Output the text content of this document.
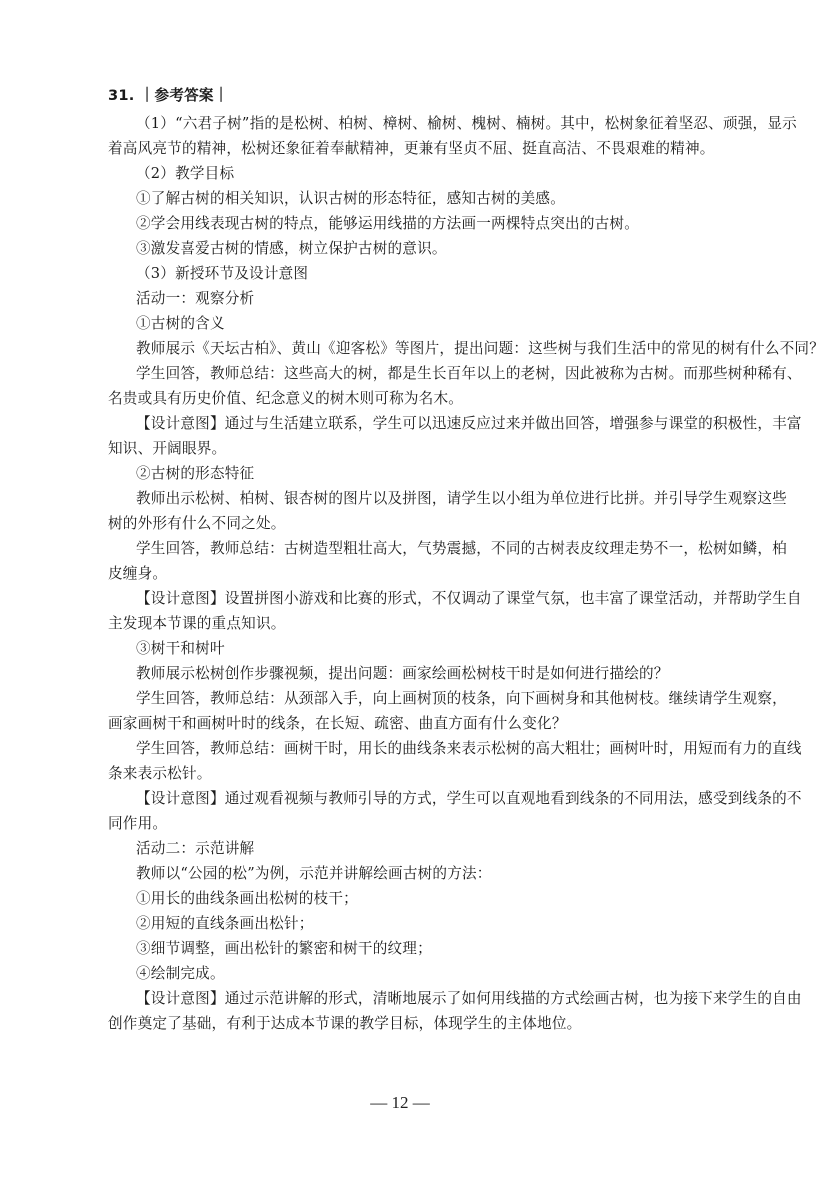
31. ｜参考答案｜
（1）“六君子树”指的是松树、柏树、樟树、榆树、槐树、楠树。其中，松树象征着坚忍、顽强，显示
着高风亮节的精神，松树还象征着奉献精神，更兼有坚贞不屈、挺直高洁、不畏艰难的精神。
（2）教学目标
①了解古树的相关知识，认识古树的形态特征，感知古树的美感。
②学会用线表现古树的特点，能够运用线描的方法画一两棵特点突出的古树。
③激发喜爱古树的情感，树立保护古树的意识。
（3）新授环节及设计意图
活动一：观察分析
①古树的含义
教师展示《天坛古柏》、黄山《迎客松》等图片，提出问题：这些树与我们生活中的常见的树有什么不同？
学生回答，教师总结：这些高大的树，都是生长百年以上的老树，因此被称为古树。而那些树种稀有、
名贵或具有历史价值、纪念意义的树木则可称为名木。
【设计意图】通过与生活建立联系，学生可以迅速反应过来并做出回答，增强参与课堂的积极性，丰富
知识、开阔眼界。
②古树的形态特征
教师出示松树、柏树、银杏树的图片以及拼图，请学生以小组为单位进行比拼。并引导学生观察这些
树的外形有什么不同之处。
学生回答，教师总结：古树造型粗壮高大，气势震撼，不同的古树表皮纹理走势不一，松树如鳞，柏
皮缠身。
【设计意图】设置拼图小游戏和比赛的形式，不仅调动了课堂气氛，也丰富了课堂活动，并帮助学生自
主发现本节课的重点知识。
③树干和树叶
教师展示松树创作步骤视频，提出问题：画家绘画松树枝干时是如何进行描绘的？
学生回答，教师总结：从颈部入手，向上画树顶的枝条，向下画树身和其他树枝。继续请学生观察，
画家画树干和画树叶时的线条，在长短、疏密、曲直方面有什么变化？
学生回答，教师总结：画树干时，用长的曲线条来表示松树的高大粗壮；画树叶时，用短而有力的直线
条来表示松针。
【设计意图】通过观看视频与教师引导的方式，学生可以直观地看到线条的不同用法，感受到线条的不
同作用。
活动二：示范讲解
教师以“公园的松”为例，示范并讲解绘画古树的方法：
①用长的曲线条画出松树的枝干；
②用短的直线条画出松针；
③细节调整，画出松针的繁密和树干的纹理；
④绘制完成。
【设计意图】通过示范讲解的形式，清晰地展示了如何用线描的方式绘画古树，也为接下来学生的自由
创作奠定了基础，有利于达成本节课的教学目标，体现学生的主体地位。
— 12 —
